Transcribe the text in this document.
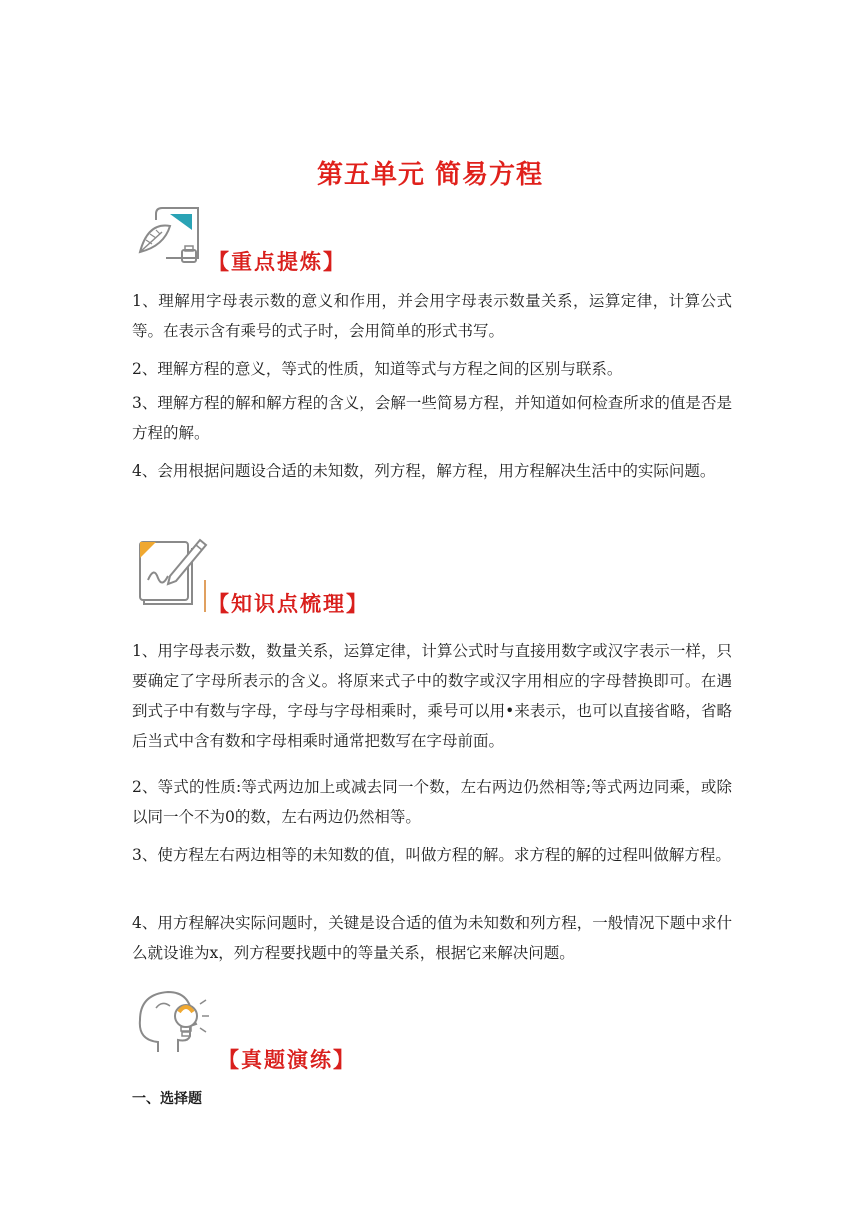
第五单元 简易方程
【重点提炼】

1、理解用字母表示数的意义和作用，并会用字母表示数量关系，运算定律，计算公式等。在表示含有乘号的式子时，会用简单的形式书写。

2、理解方程的意义，等式的性质，知道等式与方程之间的区别与联系。

3、理解方程的解和解方程的含义，会解一些简易方程，并知道如何检查所求的值是否是方程的解。

4、会用根据问题设合适的未知数，列方程，解方程，用方程解决生活中的实际问题。

【知识点梳理】

1、用字母表示数，数量关系，运算定律，计算公式时与直接用数字或汉字表示一样，只要确定了字母所表示的含义。将原来式子中的数字或汉字用相应的字母替换即可。在遇到式子中有数与字母，字母与字母相乘时，乘号可以用•来表示，也可以直接省略，省略后当式中含有数和字母相乘时通常把数写在字母前面。

2、等式的性质:等式两边加上或减去同一个数，左右两边仍然相等;等式两边同乘，或除以同一个不为0的数，左右两边仍然相等。

3、使方程左右两边相等的未知数的值，叫做方程的解。求方程的解的过程叫做解方程。

4、用方程解决实际问题时，关键是设合适的值为未知数和列方程，一般情况下题中求什么就设谁为x，列方程要找题中的等量关系，根据它来解决问题。

【真题演练】
一、选择题
